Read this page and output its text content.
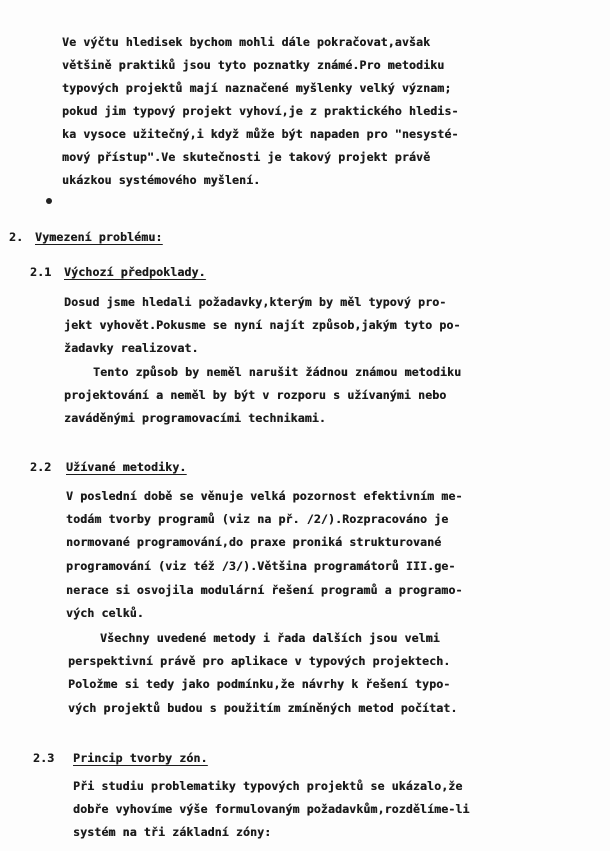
Ve výčtu hledisek bychom mohli dále pokračovat,avšak
většině praktiků jsou tyto poznatky známé.Pro metodiku
typových projektů mají naznačené myšlenky velký význam;
pokud jim typový projekt vyhoví,je z praktického hledis-
ka vysoce užitečný,i když může být napaden pro "nesysté-
mový přístup".Ve skutečnosti je takový projekt právě
ukázkou systémového myšlení.
2. Vymezení problému:
2.1 Výchozí předpoklady.
Dosud jsme hledali požadavky,kterým by měl typový pro-
jekt vyhovět.Pokusme se nyní najít způsob,jakým tyto po-
žadavky realizovat.
Tento způsob by neměl narušit žádnou známou metodiku
projektování a neměl by být v rozporu s užívanými nebo
zaváděnými programovacími technikami.
2.2 Užívané metodiky.
V poslední době se věnuje velká pozornost efektivním me-
todám tvorby programů (viz na př. /2/).Rozpracováno je
normované programování,do praxe proniká strukturované
programování (viz též /3/).Většina programátorů III.ge-
nerace si osvojila modulární řešení programů a programo-
vých celků.
Všechny uvedené metody i řada dalších jsou velmi
perspektivní právě pro aplikace v typových projektech.
Položme si tedy jako podmínku,že návrhy k řešení typo-
vých projektů budou s použitím zmíněných metod počítat.
2.3 Princip tvorby zón.
Při studiu problematiky typových projektů se ukázalo,že
dobře vyhovíme výše formulovaným požadavkům,rozdělíme-li
systém na tři základní zóny:
